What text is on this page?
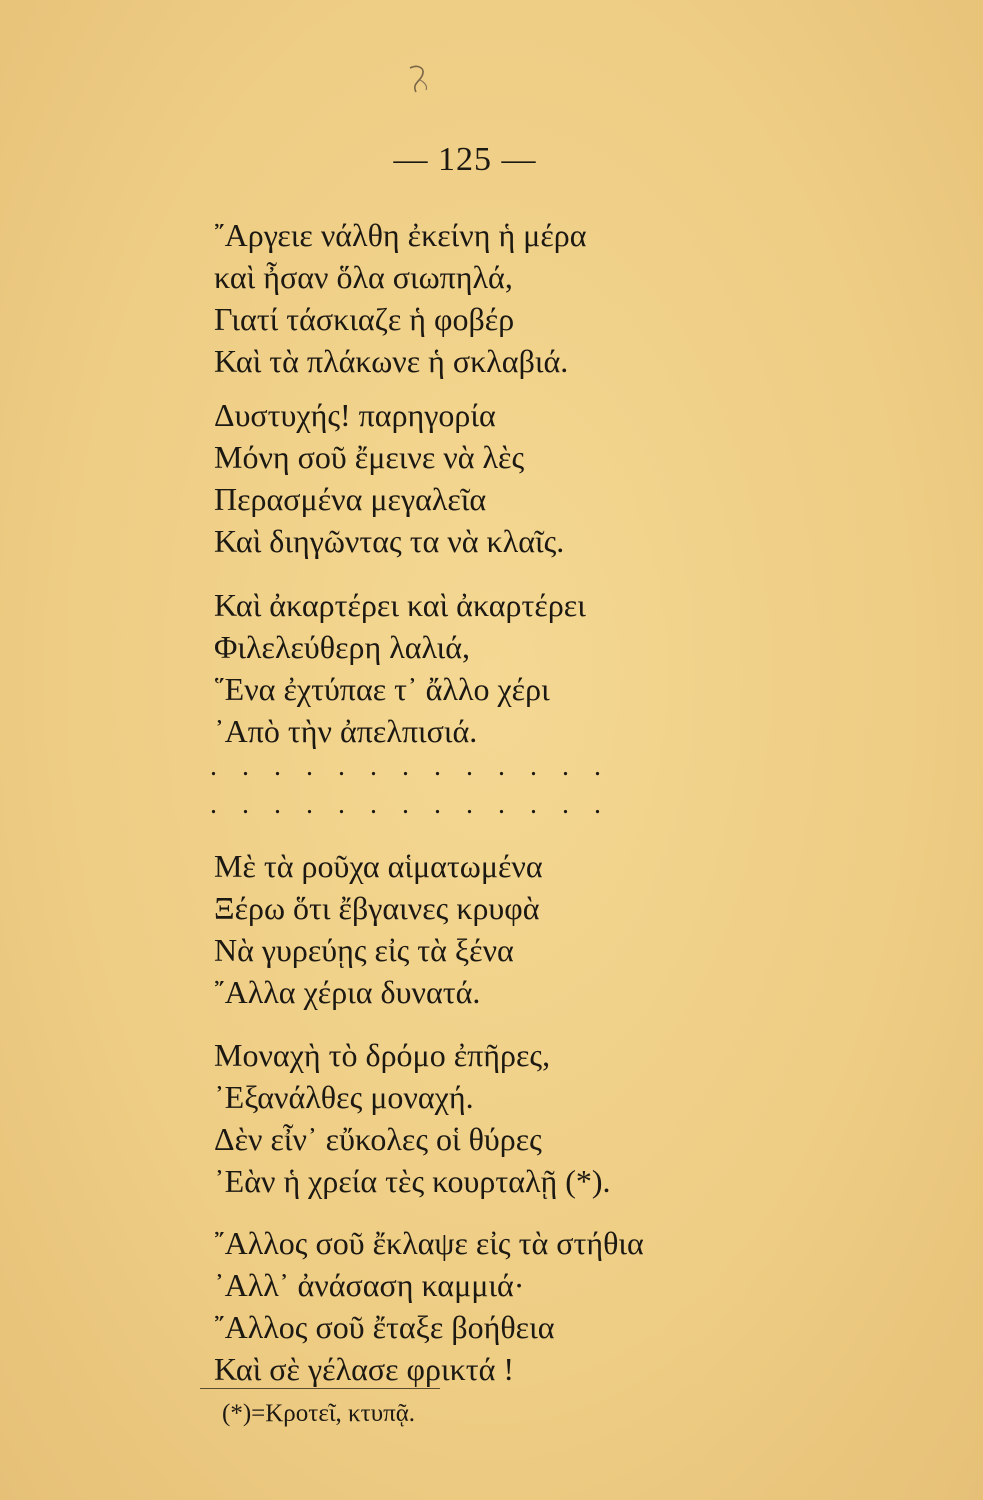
— 125 —
῎Αργειε νάλθη ἐκείνη ἡ μέρα
καὶ ἦσαν ὅλα σιωπηλά,
Γιατί τάσκιαζε ἡ φοβέρ
Καὶ τὰ πλάκωνε ἡ σκλαβιά.
Δυστυχής! παρηγορία
Μόνη σοῦ ἔμεινε νὰ λὲς
Περασμένα μεγαλεῖα
Καὶ διηγῶντας τα νὰ κλαῖς.
Καὶ ἀκαρτέρει καὶ ἀκαρτέρει
Φιλελεύθερη λαλιά,
῞Ενα ἐχτύπαε τ᾽ ἄλλο χέρι
᾽Απὸ τὴν ἀπελπισιά.
. . . . . . . . . . . . .
. . . . . . . . . . . . .
Μὲ τὰ ροῦχα αἱματωμένα
Ξέρω ὅτι ἔβγαινες κρυφὰ
Νὰ γυρεύῃς εἰς τὰ ξένα
῎Αλλα χέρια δυνατά.
Μοναχὴ τὸ δρόμο ἐπῆρες,
᾽Εξανάλθες μοναχή.
Δὲν εἶν᾽ εὔκολες οἱ θύρες
᾽Εὰν ἡ χρεία τὲς κουρταλῇ (*).
῎Αλλος σοῦ ἔκλαψε εἰς τὰ στήθια
᾽Αλλ᾽ ἀνάσαση καμμιά·
῎Αλλος σοῦ ἔταξε βοήθεια
Καὶ σὲ γέλασε φρικτά !
(*)=Κροτεῖ, κτυπᾷ.
